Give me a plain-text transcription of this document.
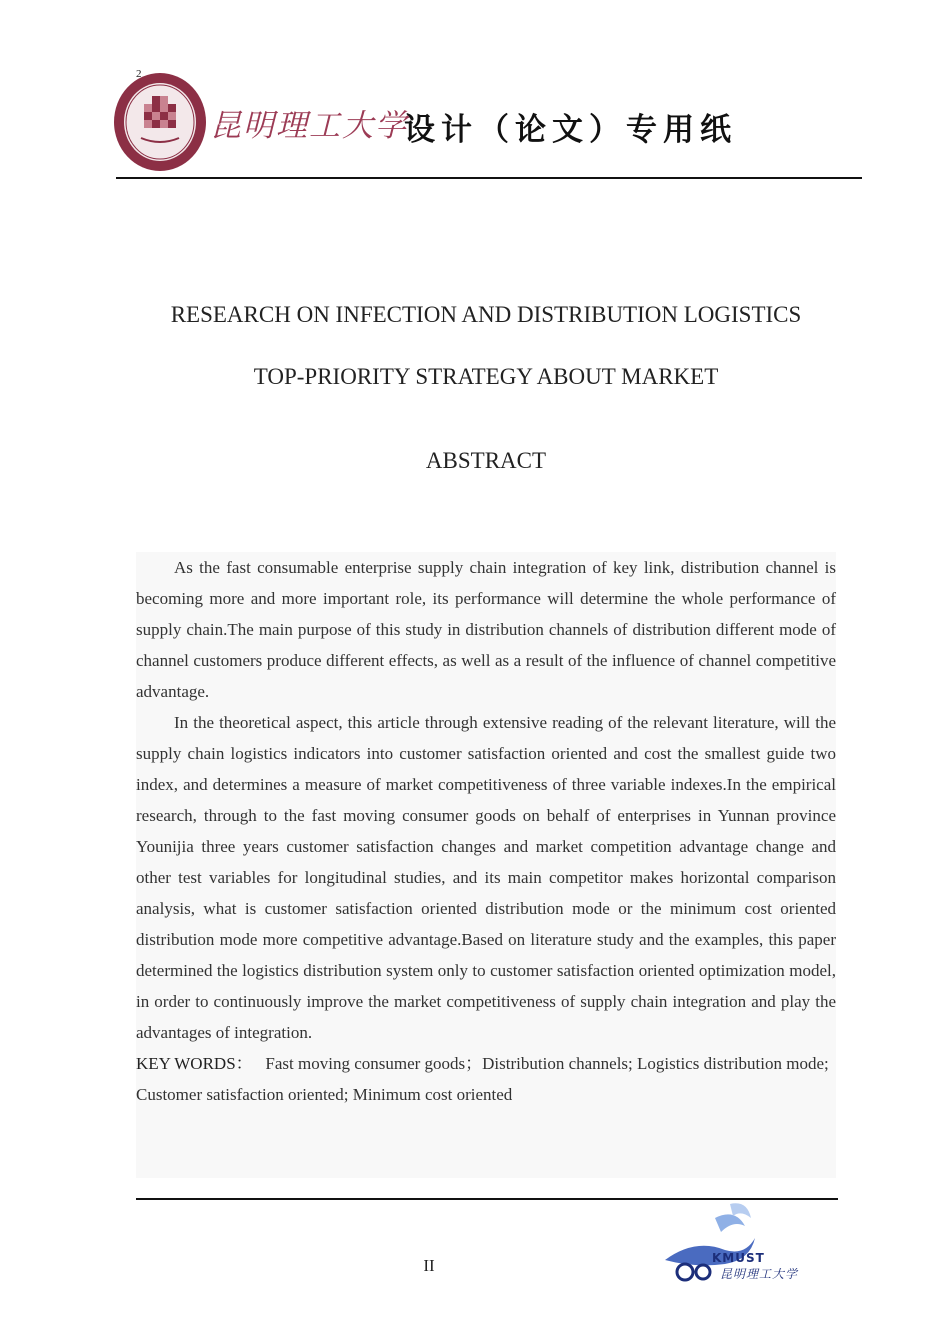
2
昆明理工大学
设计（论文）专用纸
RESEARCH ON INFECTION AND DISTRIBUTION LOGISTICS
TOP-PRIORITY STRATEGY ABOUT MARKET
ABSTRACT

As the fast consumable enterprise supply chain integration of key link, distribution channel is becoming more and more important role, its performance will determine the whole performance of supply chain.The main purpose of this study in distribution channels of distribution different mode of channel customers produce different effects, as well as a result of the influence of channel competitive advantage.

In the theoretical aspect, this article through extensive reading of the relevant literature, will the supply chain logistics indicators into customer satisfaction oriented and cost the smallest guide two index, and determines a measure of market competitiveness of three variable indexes.In the empirical research, through to the fast moving consumer goods on behalf of enterprises in Yunnan province Younijia three years customer satisfaction changes and market competition advantage change and other test variables for longitudinal studies, and its main competitor makes horizontal comparison analysis, what is customer satisfaction oriented distribution mode or the minimum cost oriented distribution mode more competitive advantage.Based on literature study and the examples, this paper determined the logistics distribution system only to customer satisfaction oriented optimization model, in order to continuously improve the market competitiveness of supply chain integration and play the advantages of integration.

KEY WORDS： Fast moving consumer goods；Distribution channels; Logistics distribution mode; Customer satisfaction oriented; Minimum cost oriented

II	KMUST
昆明理工大学
